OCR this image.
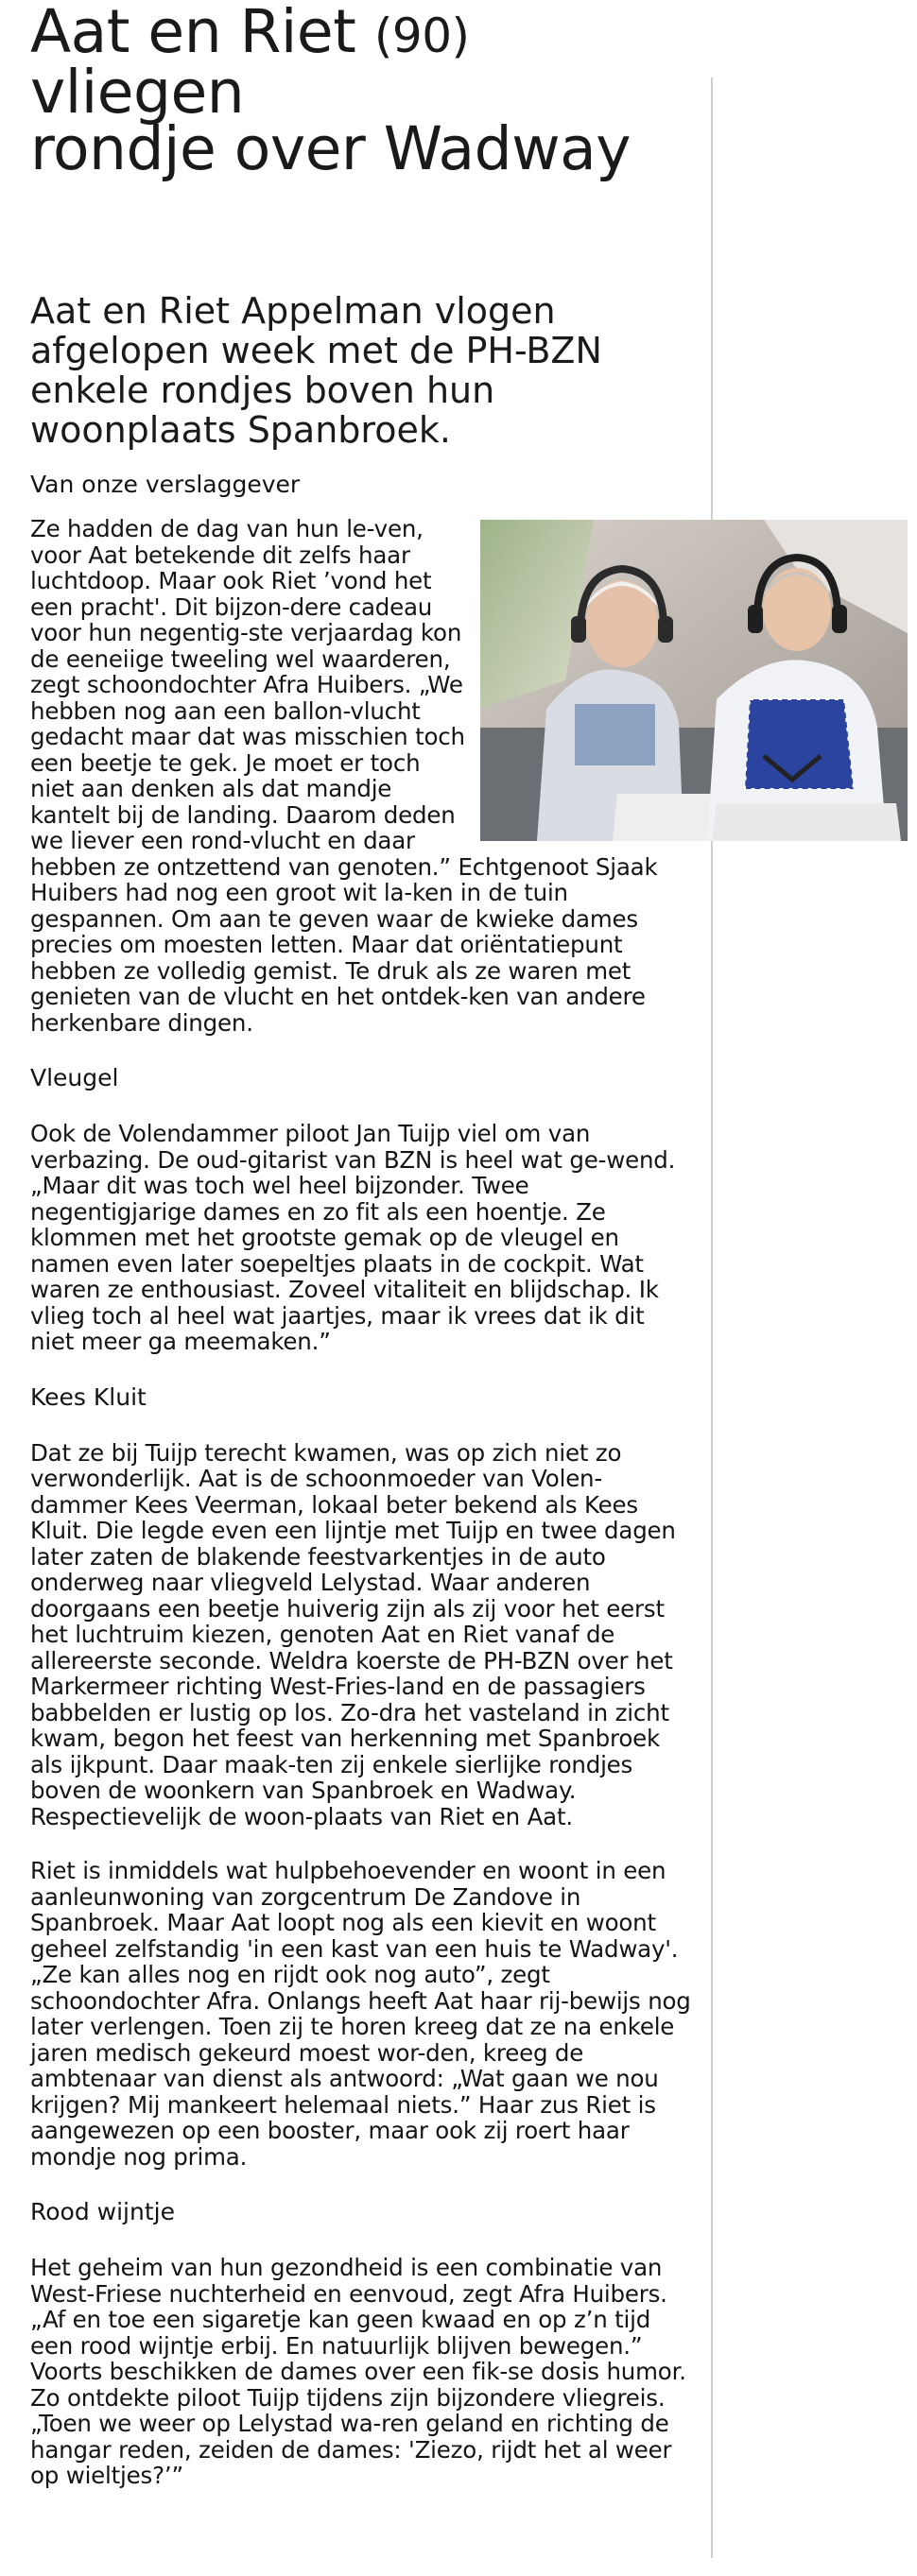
Aat en Riet (90) vliegen
rondje over Wadway
Aat en Riet Appelman vlogen afgelopen week met de PH-BZN enkele rondjes boven hun woonplaats Spanbroek.
Van onze verslaggever

Ze hadden de dag van hun le-ven, voor Aat betekende dit zelfs haar luchtdoop. Maar ook Riet ’vond het een pracht'. Dit bijzon-dere cadeau voor hun negentig-ste verjaardag kon de eeneiige tweeling wel waarderen, zegt schoondochter Afra Huibers. „We hebben nog aan een ballon-vlucht gedacht maar dat was misschien toch een beetje te gek. Je moet er toch niet aan denken als dat mandje kantelt bij de landing. Daarom deden we liever een rond-vlucht en daar hebben ze ontzettend van genoten.” Echtgenoot Sjaak Huibers had nog een groot wit la-ken in de tuin gespannen. Om aan te geven waar de kwieke dames precies om moesten letten. Maar dat oriëntatiepunt hebben ze volledig gemist. Te druk als ze waren met genieten van de vlucht en het ontdek-ken van andere herkenbare dingen.

Vleugel

Ook de Volendammer piloot Jan Tuijp viel om van verbazing. De oud-gitarist van BZN is heel wat ge-wend. „Maar dit was toch wel heel bijzonder. Twee negentigjarige dames en zo fit als een hoentje. Ze klommen met het grootste gemak op de vleugel en namen even later soepeltjes plaats in de cockpit. Wat waren ze enthousiast. Zoveel vitaliteit en blijdschap. Ik vlieg toch al heel wat jaartjes, maar ik vrees dat ik dit niet meer ga meemaken.”

Kees Kluit

Dat ze bij Tuijp terecht kwamen, was op zich niet zo verwonderlijk. Aat is de schoonmoeder van Volen-dammer Kees Veerman, lokaal beter bekend als Kees Kluit. Die legde even een lijntje met Tuijp en twee dagen later zaten de blakende feestvarkentjes in de auto onderweg naar vliegveld Lelystad. Waar anderen doorgaans een beetje huiverig zijn als zij voor het eerst het luchtruim kiezen, genoten Aat en Riet vanaf de allereerste seconde. Weldra koerste de PH-BZN over het Markermeer richting West-Fries-land en de passagiers babbelden er lustig op los. Zo-dra het vasteland in zicht kwam, begon het feest van herkenning met Spanbroek als ijkpunt. Daar maak-ten zij enkele sierlijke rondjes boven de woonkern van Spanbroek en Wadway. Respectievelijk de woon-plaats van Riet en Aat.

Riet is inmiddels wat hulpbehoevender en woont in een aanleunwoning van zorgcentrum De Zandove in Spanbroek. Maar Aat loopt nog als een kievit en woont geheel zelfstandig 'in een kast van een huis te Wadway'. „Ze kan alles nog en rijdt ook nog auto”, zegt schoondochter Afra. Onlangs heeft Aat haar rij-bewijs nog later verlengen. Toen zij te horen kreeg dat ze na enkele jaren medisch gekeurd moest wor-den, kreeg de ambtenaar van dienst als antwoord: „Wat gaan we nou krijgen? Mij mankeert helemaal niets.” Haar zus Riet is aangewezen op een booster, maar ook zij roert haar mondje nog prima.

Rood wijntje

Het geheim van hun gezondheid is een combinatie van West-Friese nuchterheid en eenvoud, zegt Afra Huibers. „Af en toe een sigaretje kan geen kwaad en op z’n tijd een rood wijntje erbij. En natuurlijk blijven bewegen.” Voorts beschikken de dames over een fik-se dosis humor. Zo ontdekte piloot Tuijp tijdens zijn bijzondere vliegreis. „Toen we weer op Lelystad wa-ren geland en richting de hangar reden, zeiden de dames: 'Ziezo, rijdt het al weer op wieltjes?’”
